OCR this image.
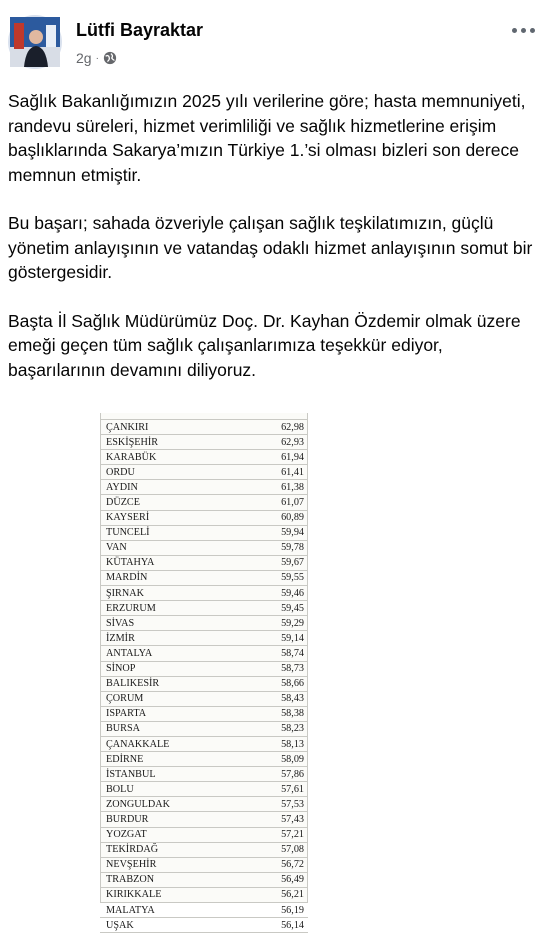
Lütfi Bayraktar
2g ·

Sağlık Bakanlığımızın 2025 yılı verilerine göre; hasta memnuniyeti, randevu süreleri, hizmet verimliliği ve sağlık hizmetlerine erişim başlıklarında Sakarya’mızın Türkiye 1.’si olması bizleri son derece memnun etmiştir.

Bu başarı; sahada özveriyle çalışan sağlık teşkilatımızın, güçlü yönetim anlayışının ve vatandaş odaklı hizmet anlayışının somut bir göstergesidir.

Başta İl Sağlık Müdürümüz Doç. Dr. Kayhan Özdemir olmak üzere emeği geçen tüm sağlık çalışanlarımıza teşekkür ediyor, başarılarının devamını diliyoruz.

ÇANKIRI	62,98
ESKİŞEHİR	62,93
KARABÜK	61,94
ORDU	61,41
AYDIN	61,38
DÜZCE	61,07
KAYSERİ	60,89
TUNCELİ	59,94
VAN	59,78
KÜTAHYA	59,67
MARDİN	59,55
ŞIRNAK	59,46
ERZURUM	59,45
SİVAS	59,29
İZMİR	59,14
ANTALYA	58,74
SİNOP	58,73
BALIKESİR	58,66
ÇORUM	58,43
ISPARTA	58,38
BURSA	58,23
ÇANAKKALE	58,13
EDİRNE	58,09
İSTANBUL	57,86
BOLU	57,61
ZONGULDAK	57,53
BURDUR	57,43
YOZGAT	57,21
TEKİRDAĞ	57,08
NEVŞEHİR	56,72
TRABZON	56,49
KIRIKKALE	56,21
MALATYA	56,19
UŞAK	56,14
